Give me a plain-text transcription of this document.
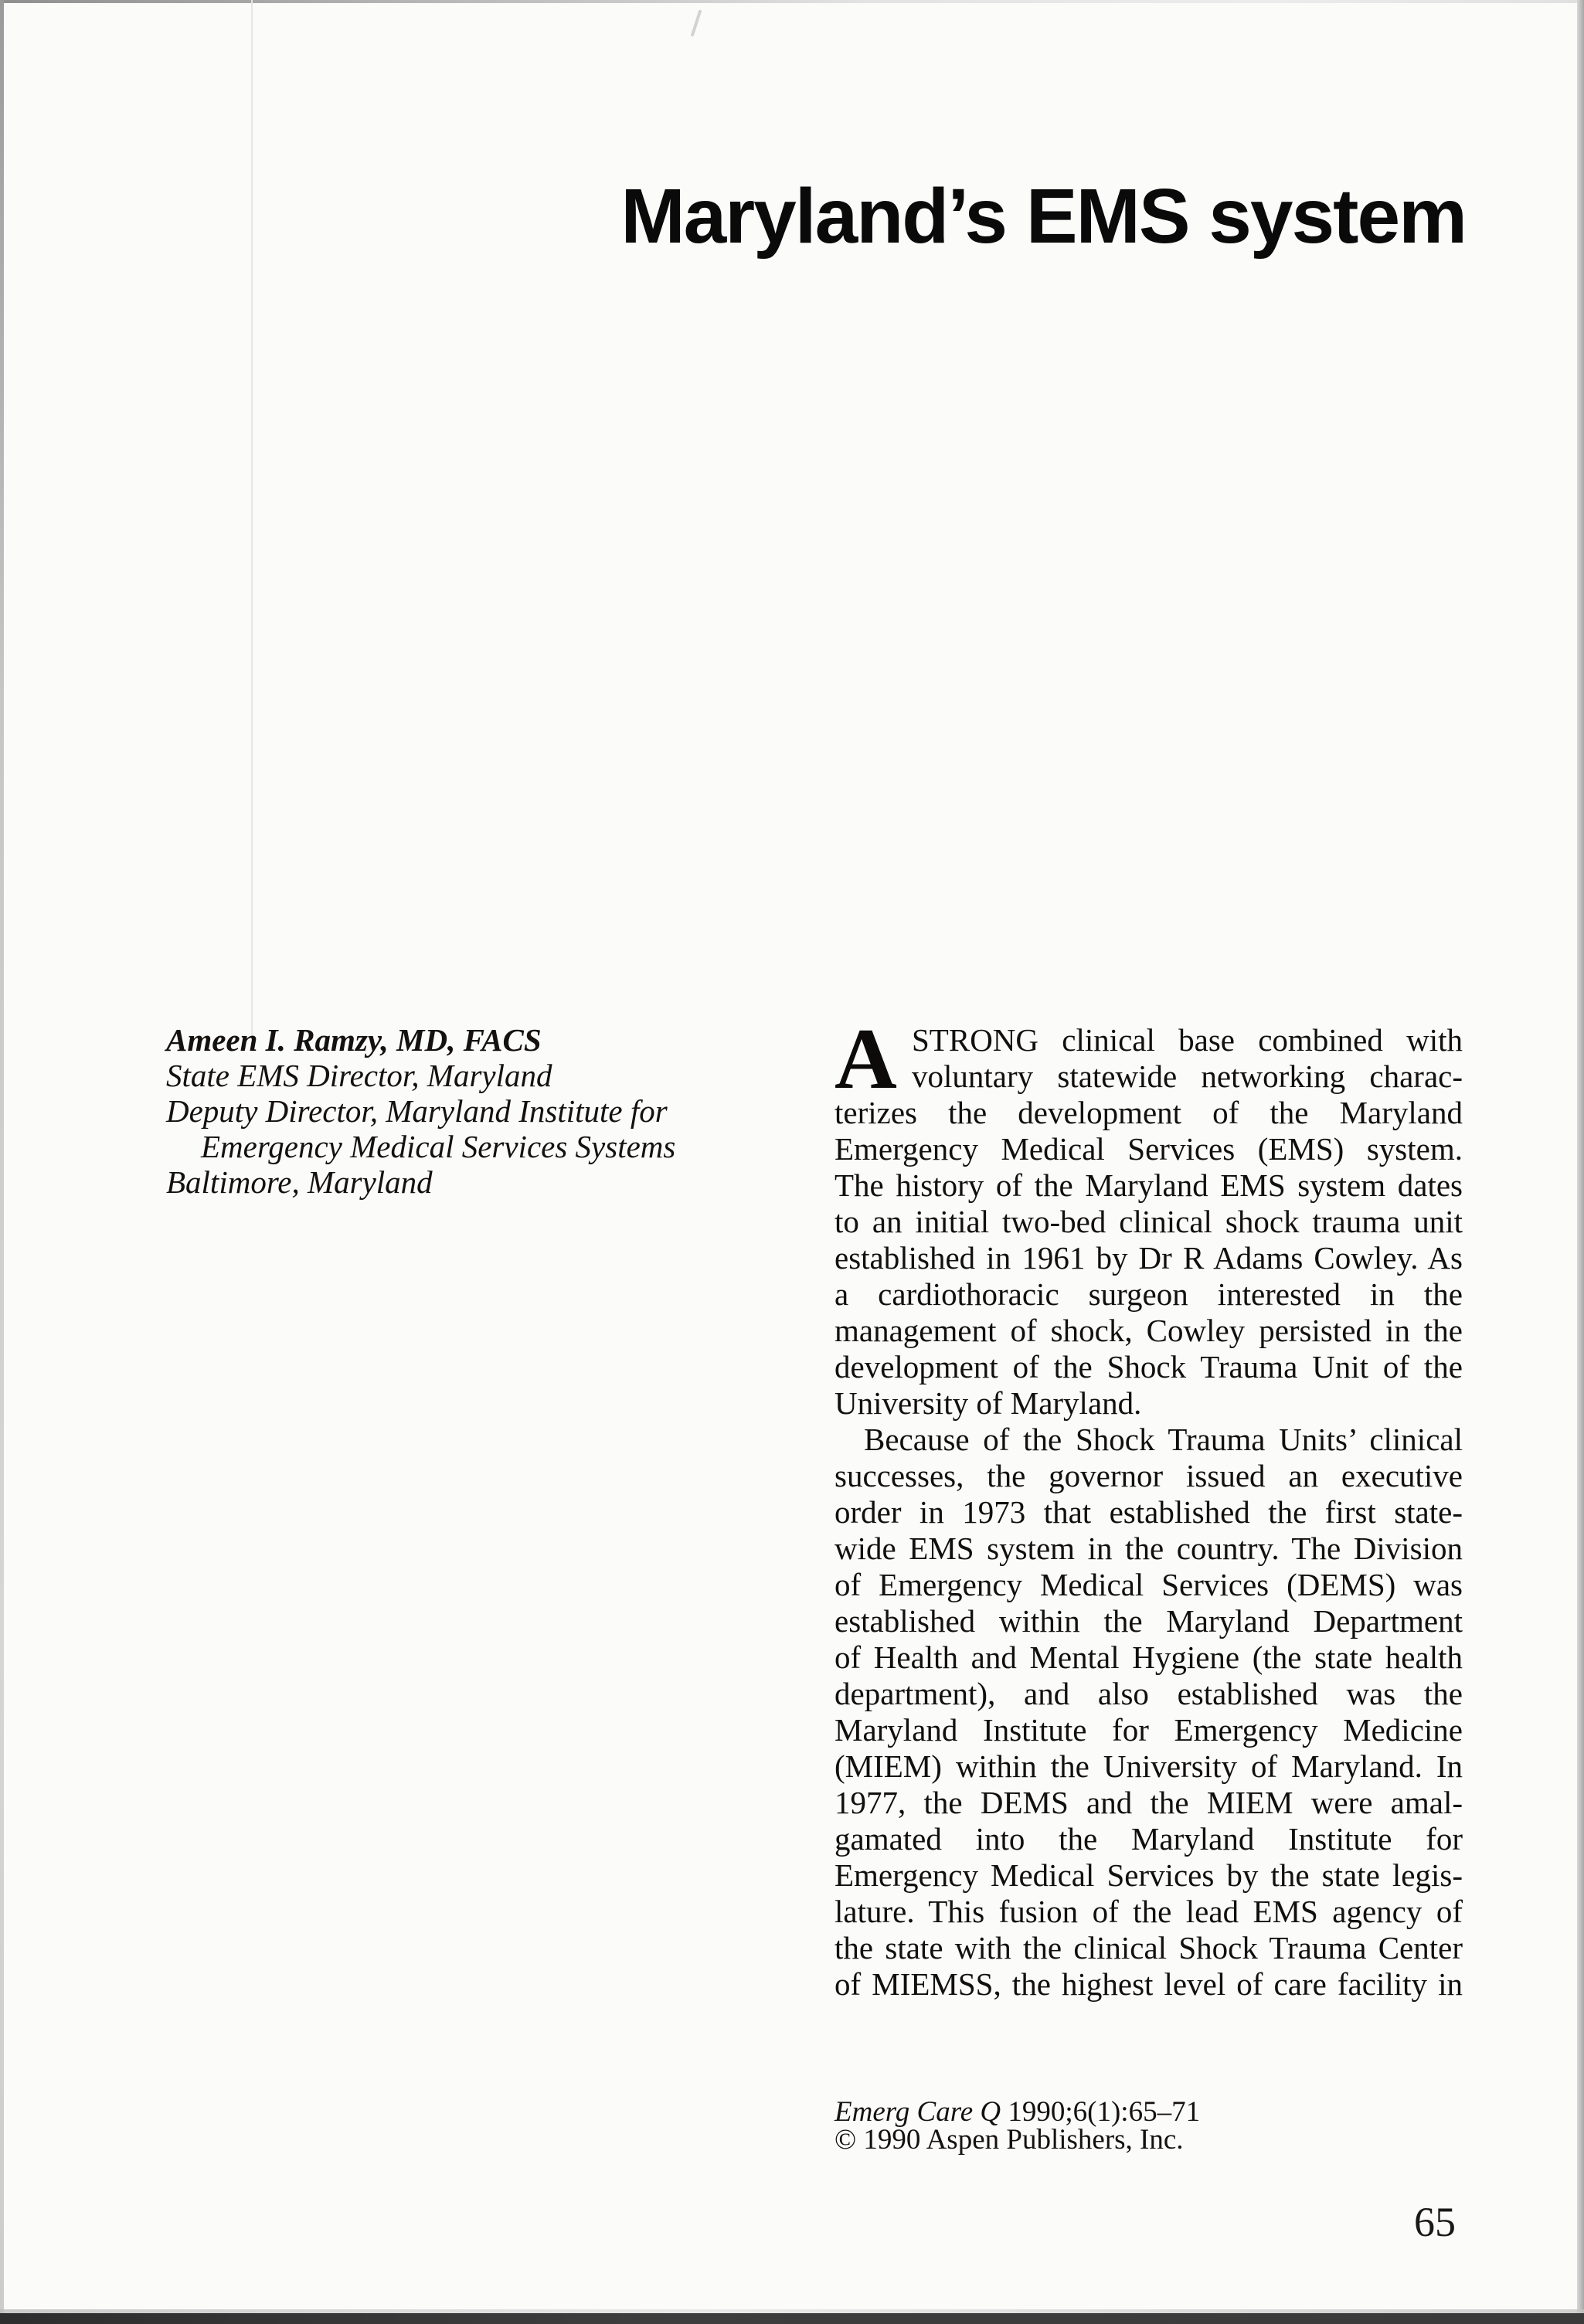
Maryland’s EMS system
Ameen I. Ramzy, MD, FACS
State EMS Director, Maryland
Deputy Director, Maryland Institute for
Emergency Medical Services Systems
Baltimore, Maryland
A STRONG clinical base combined with
voluntary statewide networking charac-
terizes the development of the Maryland
Emergency Medical Services (EMS) system.
The history of the Maryland EMS system dates
to an initial two-bed clinical shock trauma unit
established in 1961 by Dr R Adams Cowley. As
a cardiothoracic surgeon interested in the
management of shock, Cowley persisted in the
development of the Shock Trauma Unit of the
University of Maryland.
Because of the Shock Trauma Units’ clinical
successes, the governor issued an executive
order in 1973 that established the first state-
wide EMS system in the country. The Division
of Emergency Medical Services (DEMS) was
established within the Maryland Department
of Health and Mental Hygiene (the state health
department), and also established was the
Maryland Institute for Emergency Medicine
(MIEM) within the University of Maryland. In
1977, the DEMS and the MIEM were amal-
gamated into the Maryland Institute for
Emergency Medical Services by the state legis-
lature. This fusion of the lead EMS agency of
the state with the clinical Shock Trauma Center
of MIEMSS, the highest level of care facility in
Emerg Care Q 1990;6(1):65–71
© 1990 Aspen Publishers, Inc.
65
